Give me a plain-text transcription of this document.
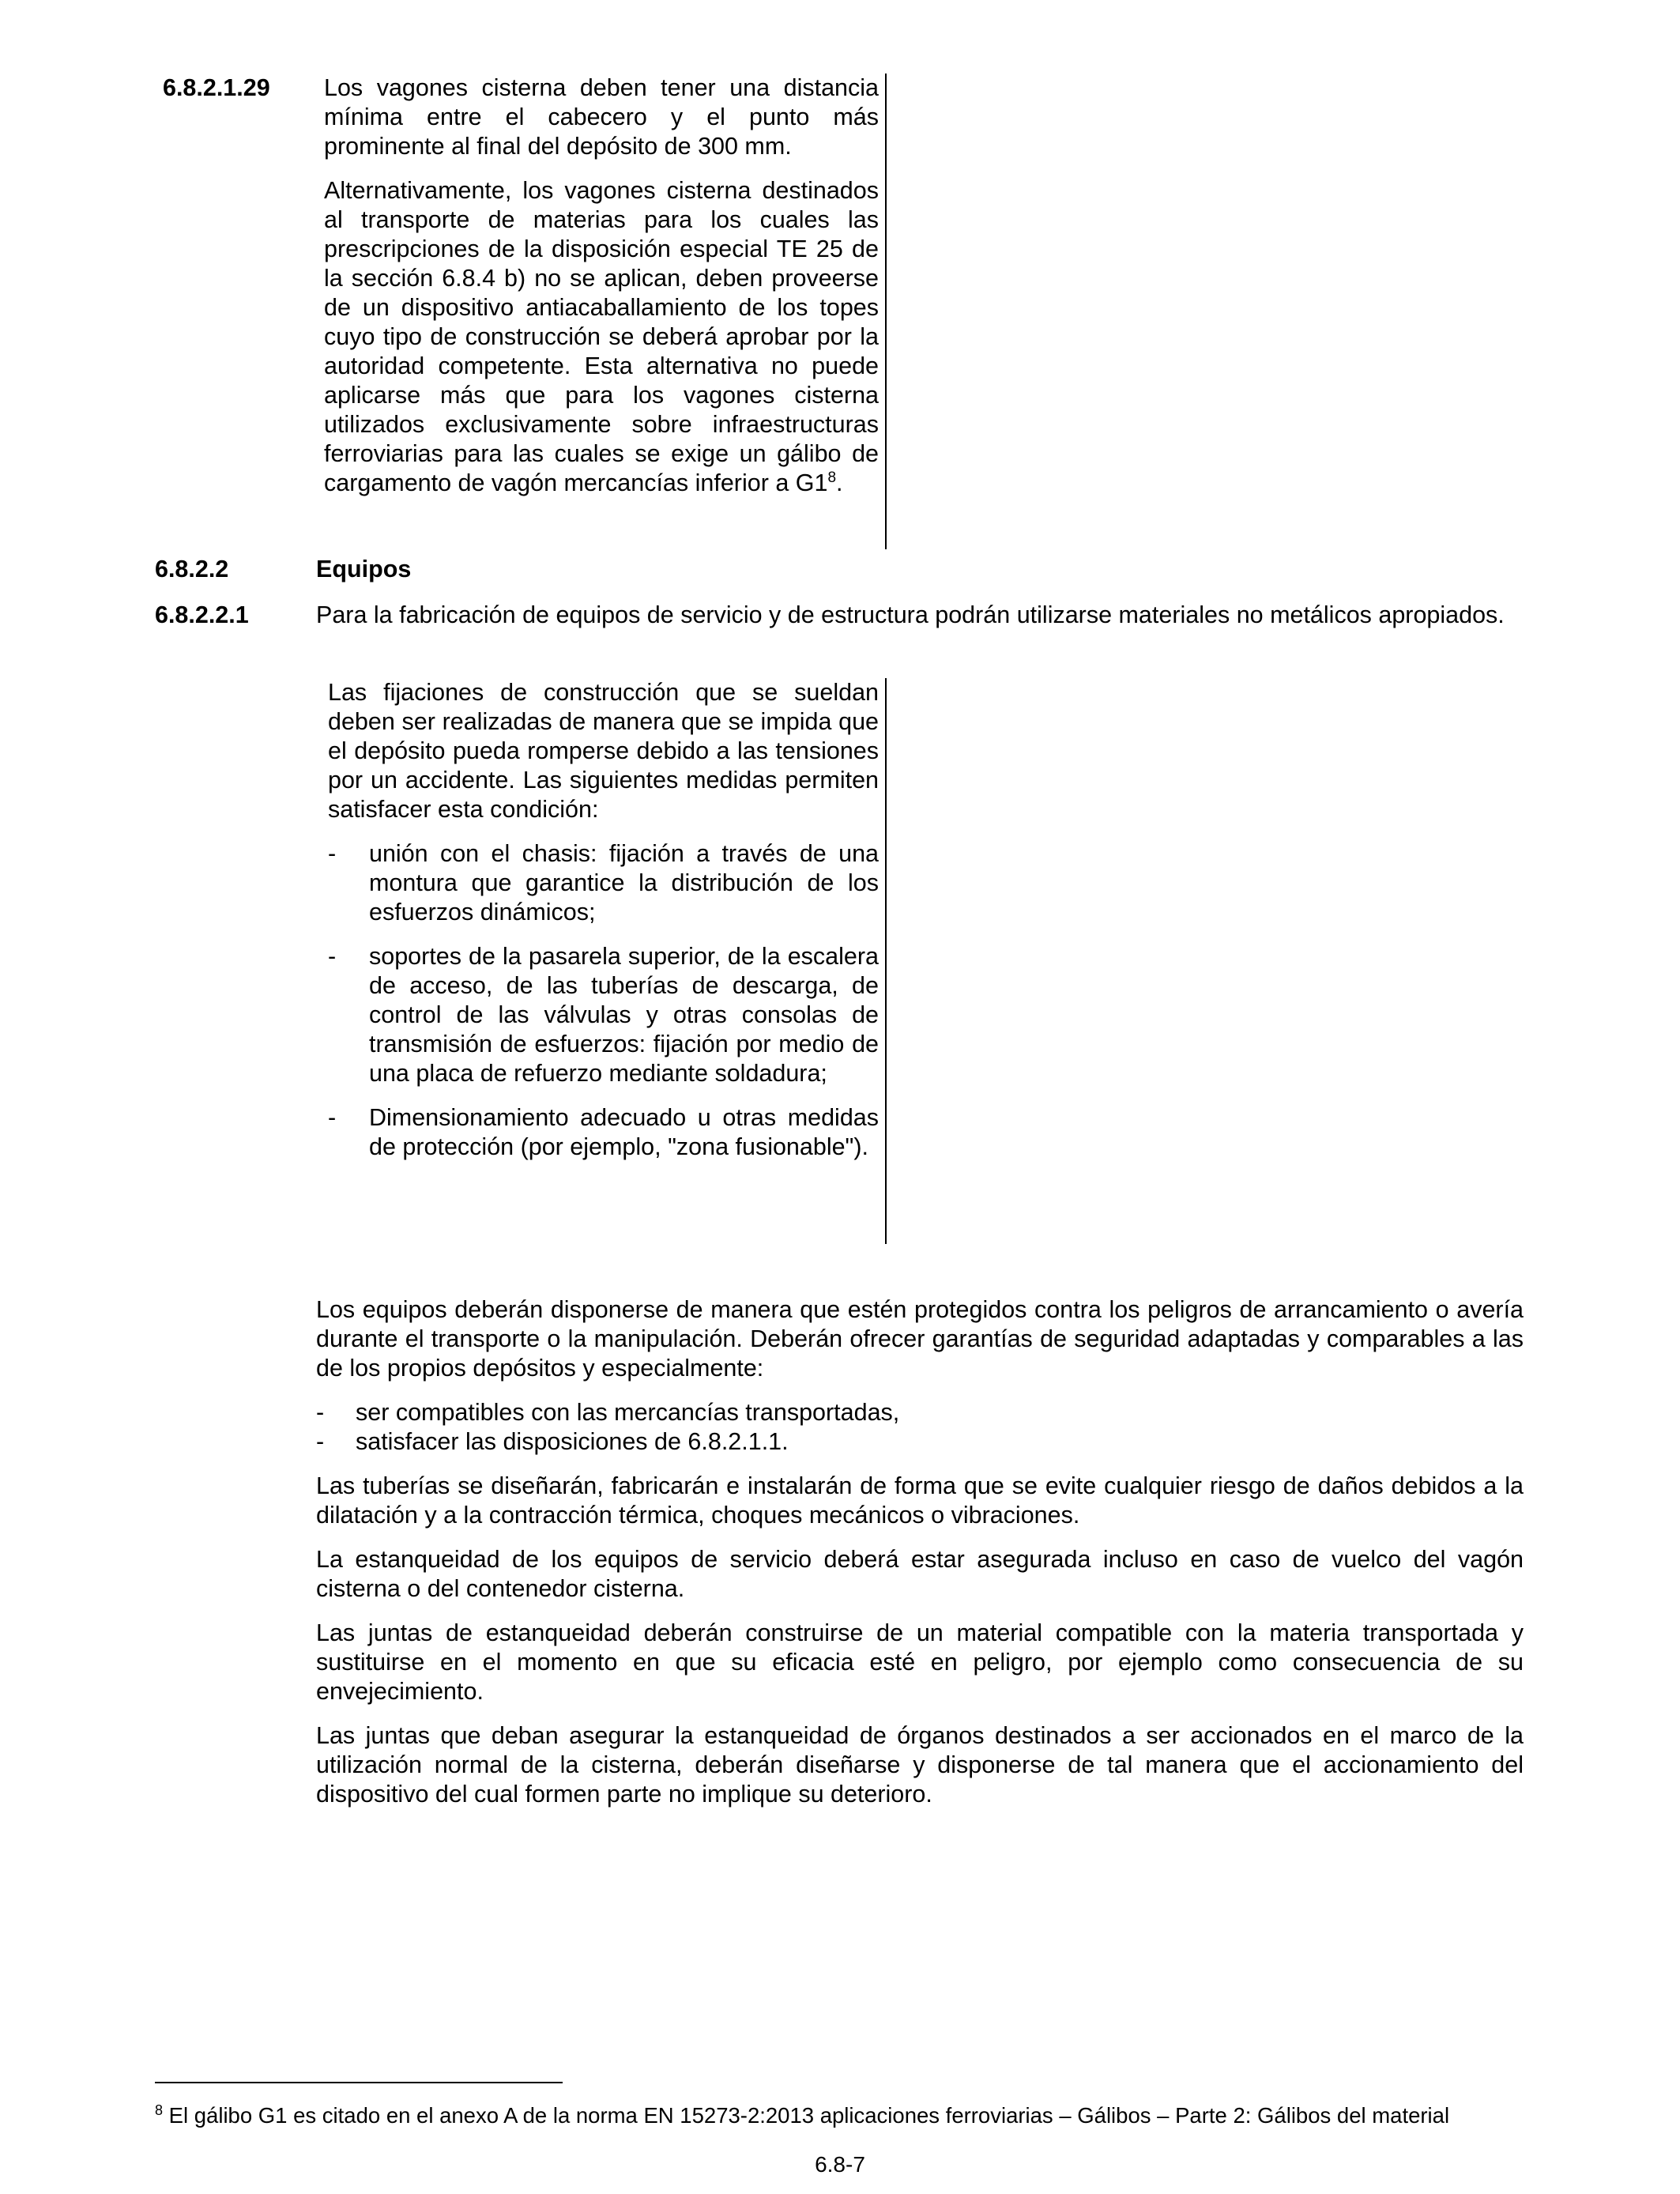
6.8.2.1.29 Los vagones cisterna deben tener una distancia mínima entre el cabecero y el punto más prominente al final del depósito de 300 mm.

Alternativamente, los vagones cisterna destinados al transporte de materias para los cuales las prescripciones de la disposición especial TE 25 de la sección 6.8.4 b) no se aplican, deben proveerse de un dispositivo antiacaballamiento de los topes cuyo tipo de construcción se deberá aprobar por la autoridad competente. Esta alternativa no puede aplicarse más que para los vagones cisterna utilizados exclusivamente sobre infraestructuras ferroviarias para las cuales se exige un gálibo de cargamento de vagón mercancías inferior a $G1^8$.

6.8.2.2	Equipos
6.8.2.2.1	Para la fabricación de equipos de servicio y de estructura podrán utilizarse materiales no metálicos apropiados.

Las fijaciones de construcción que se sueldan deben ser realizadas de manera que se impida que el depósito pueda romperse debido a las tensiones por un accidente. Las siguientes medidas permiten satisfacer esta condición:

- unión con el chasis: fijación a través de una montura que garantice la distribución de los esfuerzos dinámicos;
- soportes de la pasarela superior, de la escalera de acceso, de las tuberías de descarga, de control de las válvulas y otras consolas de transmisión de esfuerzos: fijación por medio de una placa de refuerzo mediante soldadura;
- Dimensionamiento adecuado u otras medidas de protección (por ejemplo, "zona fusionable").

Los equipos deberán disponerse de manera que estén protegidos contra los peligros de arrancamiento o avería durante el transporte o la manipulación. Deberán ofrecer garantías de seguridad adaptadas y comparables a las de los propios depósitos y especialmente:

- ser compatibles con las mercancías transportadas,
- satisfacer las disposiciones de 6.8.2.1.1.

Las tuberías se diseñarán, fabricarán e instalarán de forma que se evite cualquier riesgo de daños debidos a la dilatación y a la contracción térmica, choques mecánicos o vibraciones.

La estanqueidad de los equipos de servicio deberá estar asegurada incluso en caso de vuelco del vagón cisterna o del contenedor cisterna.

Las juntas de estanqueidad deberán construirse de un material compatible con la materia transportada y sustituirse en el momento en que su eficacia esté en peligro, por ejemplo como consecuencia de su envejecimiento.

Las juntas que deban asegurar la estanqueidad de órganos destinados a ser accionados en el marco de la utilización normal de la cisterna, deberán diseñarse y disponerse de tal manera que el accionamiento del dispositivo del cual formen parte no implique su deterioro.

$^8$ El gálibo G1 es citado en el anexo A de la norma EN 15273-2:2013 aplicaciones ferroviarias – Gálibos – Parte 2: Gálibos del material
6.8-7
